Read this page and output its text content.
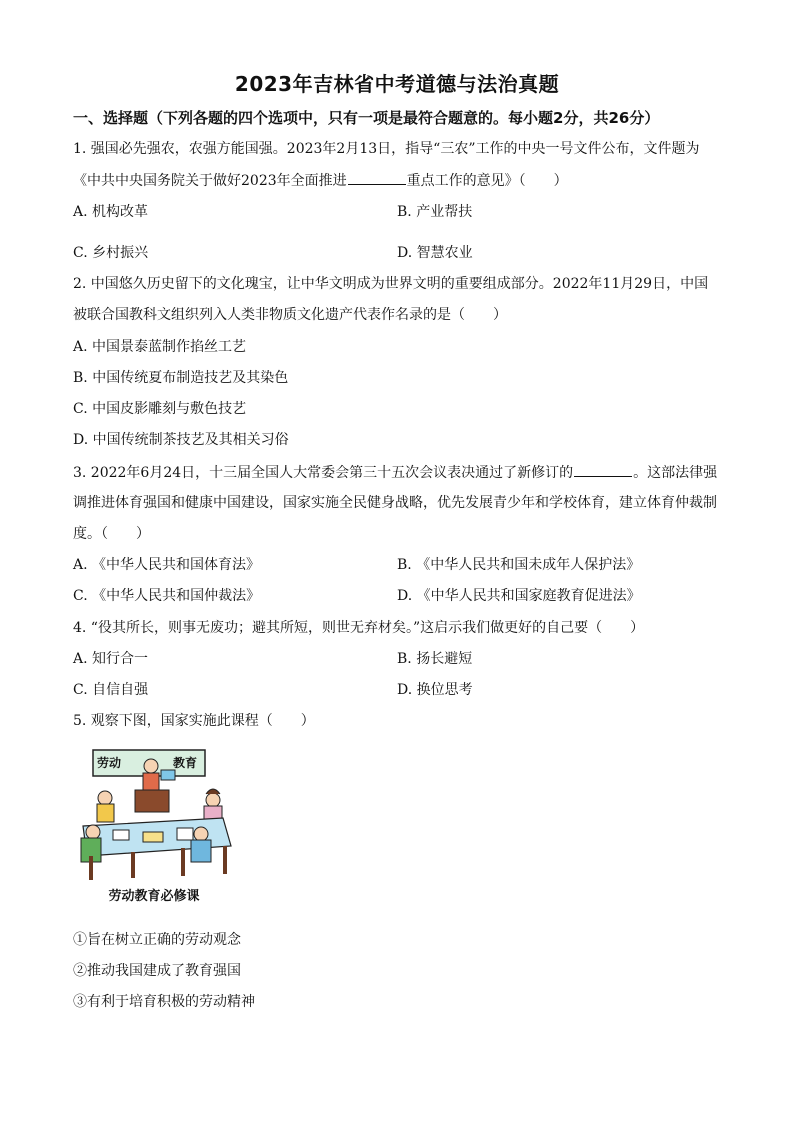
2023年吉林省中考道德与法治真题
一、选择题（下列各题的四个选项中，只有一项是最符合题意的。每小题2分，共26分）
1. 强国必先强农，农强方能国强。2023年2月13日，指导“三农”工作的中央一号文件公布，文件题为
《中共中央国务院关于做好2023年全面推进	重点工作的意见》（　　）
A. 机构改革	B. 产业帮扶
C. 乡村振兴	D. 智慧农业
2. 中国悠久历史留下的文化瑰宝，让中华文明成为世界文明的重要组成部分。2022年11月29日，中国
被联合国教科文组织列入人类非物质文化遗产代表作名录的是（　　）
A. 中国景泰蓝制作掐丝工艺
B. 中国传统夏布制造技艺及其染色
C. 中国皮影雕刻与敷色技艺
D. 中国传统制茶技艺及其相关习俗
3. 2022年6月24日，十三届全国人大常委会第三十五次会议表决通过了新修订的	。这部法律强
调推进体育强国和健康中国建设，国家实施全民健身战略，优先发展青少年和学校体育，建立体育仲裁制
度。（　　）
A. 《中华人民共和国体育法》	B. 《中华人民共和国未成年人保护法》
C. 《中华人民共和国仲裁法》	D. 《中华人民共和国家庭教育促进法》
4. “役其所长，则事无废功；避其所短，则世无弃材矣。”这启示我们做更好的自己要（　　）
A. 知行合一	B. 扬长避短
C. 自信自强	D. 换位思考
5. 观察下图，国家实施此课程（　　）
劳动	教育
劳动教育必修课
①旨在树立正确的劳动观念
②推动我国建成了教育强国
③有利于培育积极的劳动精神
